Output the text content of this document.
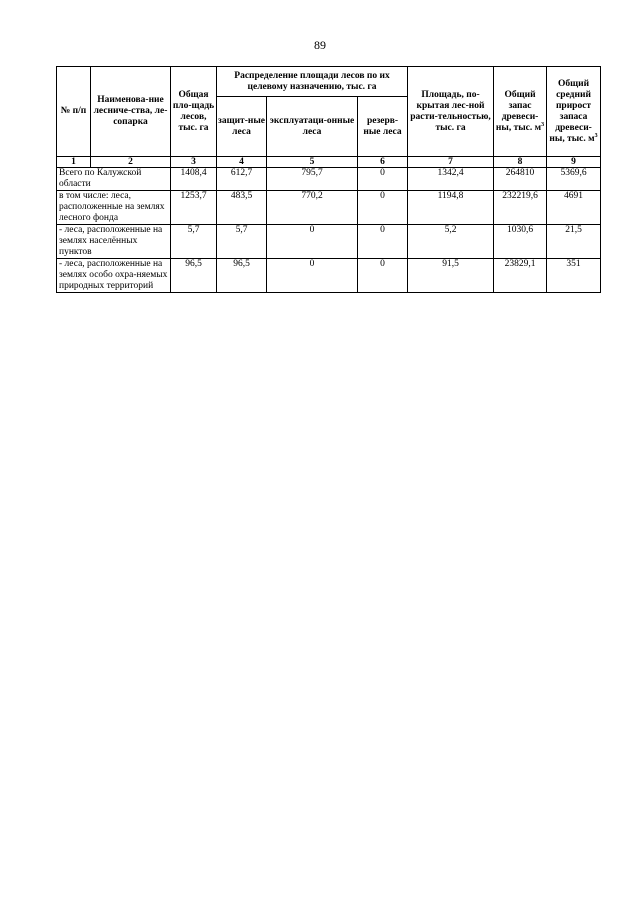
89
№ п/п	Наименова-ние лесниче-ства, ле-сопарка	Общая пло-щадь лесов, тыс. га	Распределение площади лесов по их целевому назначению, тыс. га			Площадь, по-крытая лес-ной расти-тельностью, тыс. га	Общий запас древеси-ны, тыс. $м^3$	Общий средний прирост запаса древеси-ны, тыс. $м^3$
			защит-ные леса	эксплуатаци-онные леса	резерв-ные леса			
1	2	3	4	5	6	7	8	9
Всего по Калужской области		1408,4	612,7	795,7	0	1342,4	264810	5369,6
в том числе: леса, расположенные на землях лесного фонда		1253,7	483,5	770,2	0	1194,8	232219,6	4691
- леса, расположенные на землях населённых пунктов		5,7	5,7	0	0	5,2	1030,6	21,5
- леса, расположенные на землях особо охра-няемых природных территорий		96,5	96,5	0	0	91,5	23829,1	351
